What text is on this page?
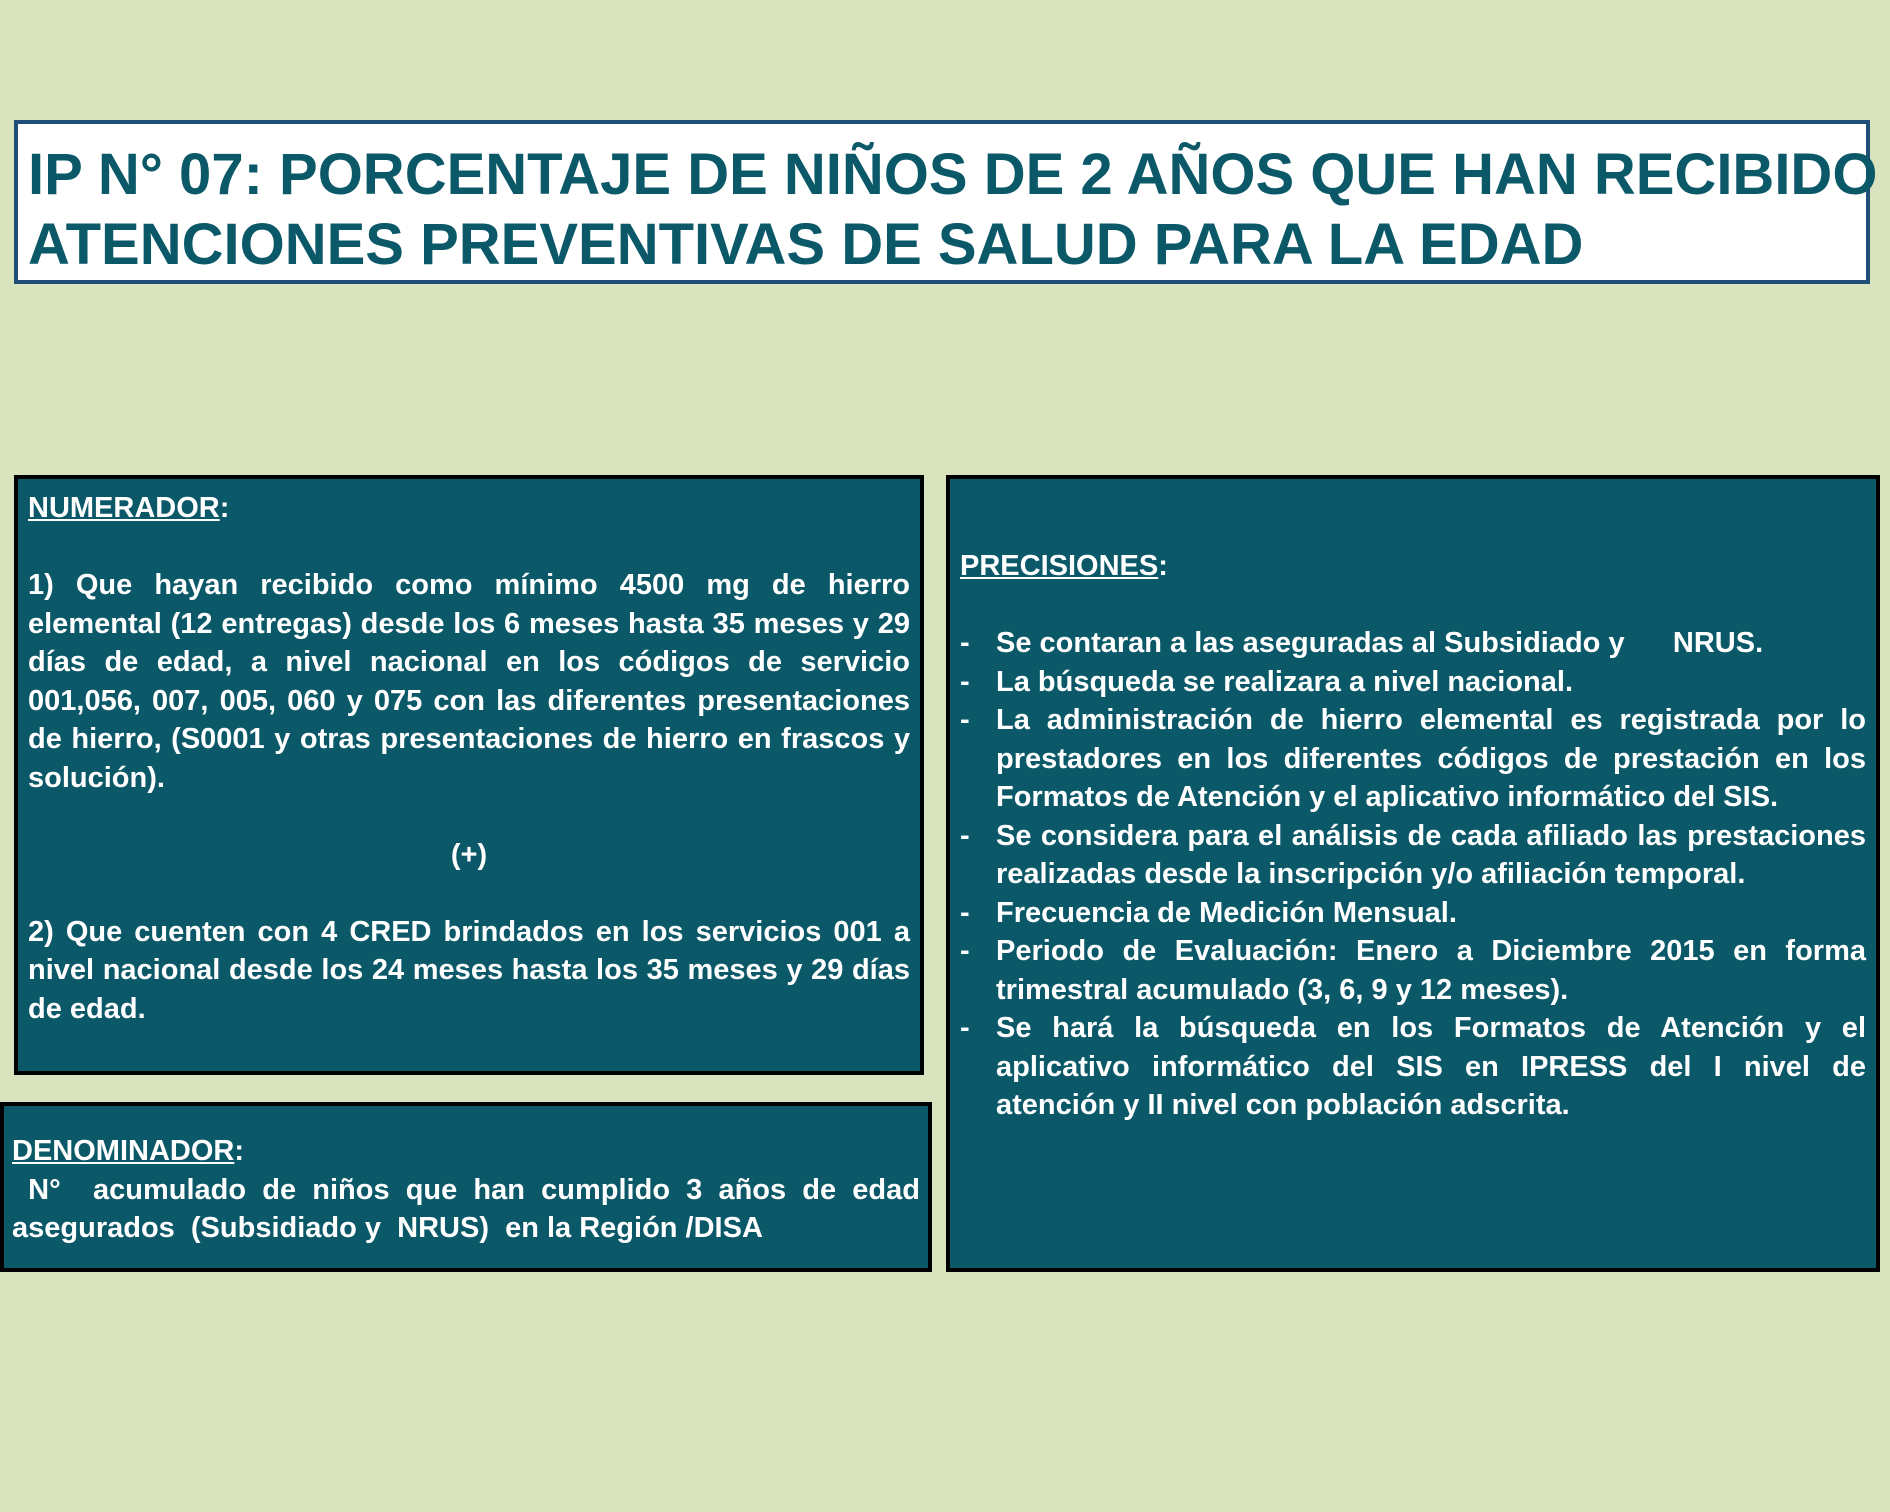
IP N° 07: PORCENTAJE DE NIÑOS DE 2 AÑOS QUE HAN RECIBIDO
ATENCIONES PREVENTIVAS DE SALUD PARA LA EDAD
NUMERADOR:
1) Que hayan recibido como mínimo 4500 mg de hierro elemental (12 entregas) desde los 6 meses hasta 35 meses y 29 días de edad, a nivel nacional en los códigos de servicio 001,056, 007, 005, 060 y 075 con las diferentes presentaciones de hierro, (S0001 y otras presentaciones de hierro en frascos y solución).
(+)
2) Que cuenten con 4 CRED brindados en los servicios 001 a nivel nacional desde los 24 meses hasta los 35 meses y 29 días de edad.
DENOMINADOR:
N°  acumulado de niños que han cumplido 3 años de edad asegurados  (Subsidiado y  NRUS)  en la Región /DISA
PRECISIONES:
- Se contaran a las aseguradas al Subsidiado y      NRUS.
- La búsqueda se realizara a nivel nacional.
- La administración de hierro elemental es registrada por lo prestadores en los diferentes códigos de prestación en los Formatos de Atención y el aplicativo informático del SIS.
- Se considera para el análisis de cada afiliado las prestaciones realizadas desde la inscripción y/o afiliación temporal.
- Frecuencia de Medición Mensual.
- Periodo de Evaluación: Enero a Diciembre 2015 en forma trimestral acumulado (3, 6, 9 y 12 meses).
- Se hará la búsqueda en los Formatos de Atención y el aplicativo informático del SIS en IPRESS del I nivel de atención y II nivel con población adscrita.
